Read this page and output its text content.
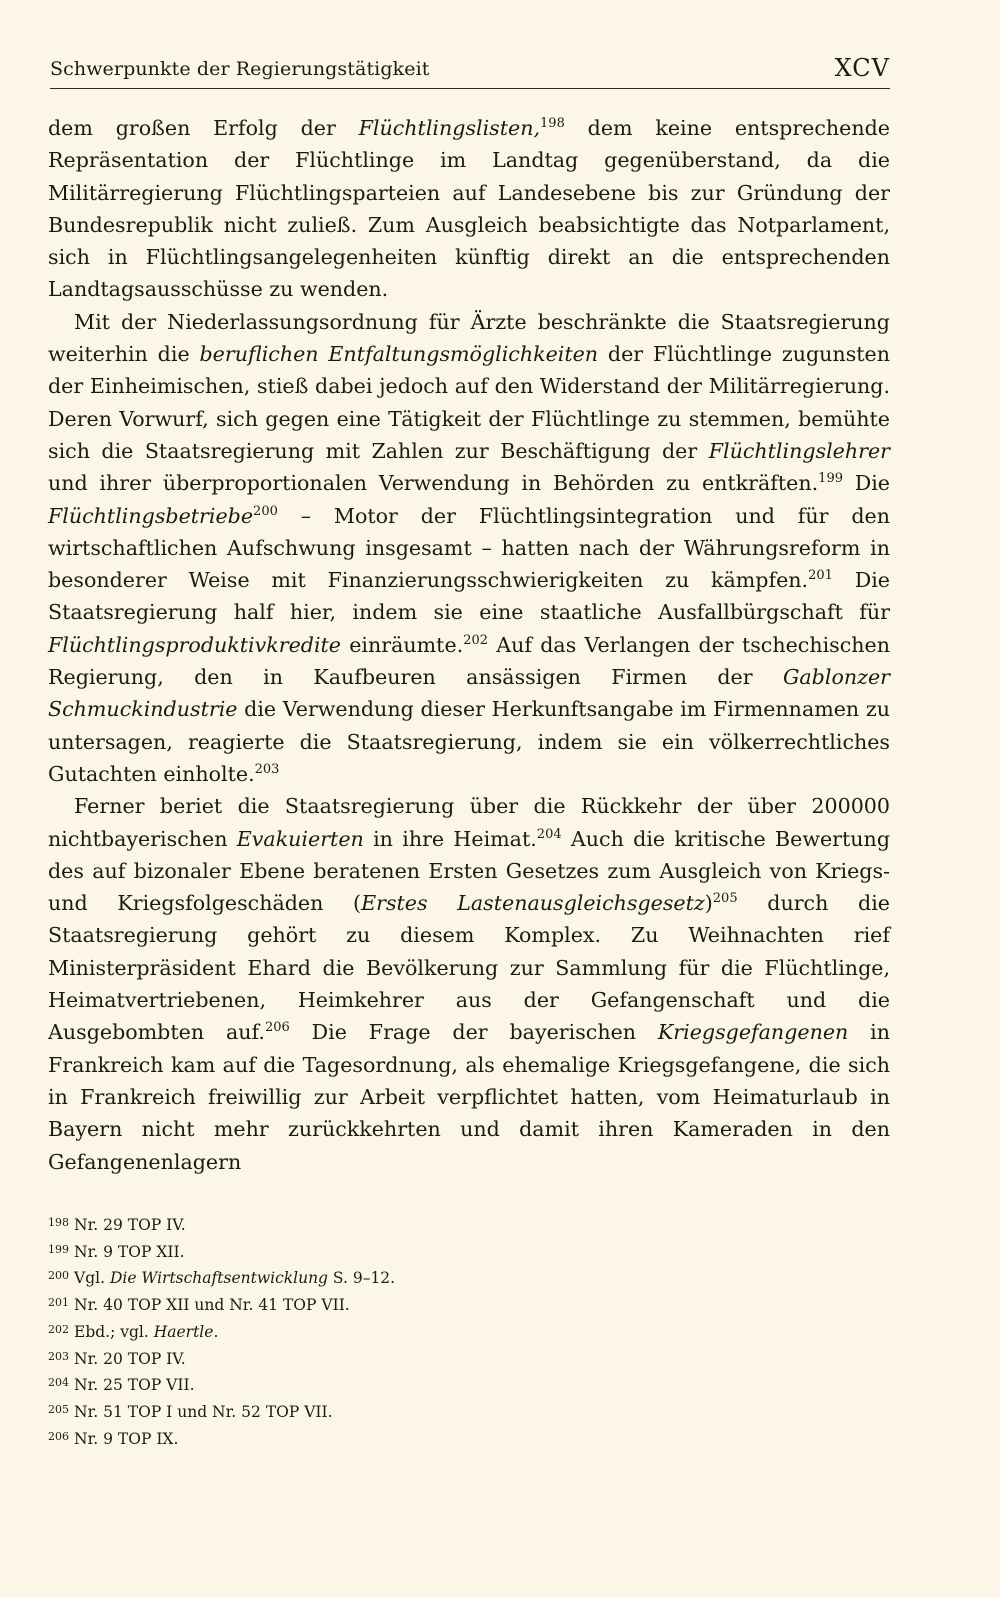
Schwerpunkte der Regierungstätigkeit	XCV

dem großen Erfolg der Flüchtlingslisten,$^{198}$ dem keine entsprechende Repräsentation der Flüchtlinge im Landtag gegenüberstand, da die Militärregierung Flüchtlingsparteien auf Landesebene bis zur Gründung der Bundesrepublik nicht zuließ. Zum Ausgleich beabsichtigte das Notparlament, sich in Flüchtlingsangelegenheiten künftig direkt an die entsprechenden Landtagsausschüsse zu wenden.

Mit der Niederlassungsordnung für Ärzte beschränkte die Staatsregierung weiterhin die beruflichen Entfaltungsmöglichkeiten der Flüchtlinge zugunsten der Einheimischen, stieß dabei jedoch auf den Widerstand der Militärregierung. Deren Vorwurf, sich gegen eine Tätigkeit der Flüchtlinge zu stemmen, bemühte sich die Staatsregierung mit Zahlen zur Beschäftigung der Flüchtlingslehrer und ihrer überproportionalen Verwendung in Behörden zu entkräften.$^{199}$ Die Flüchtlingsbetriebe$^{200}$ – Motor der Flüchtlingsintegration und für den wirtschaftlichen Aufschwung insgesamt – hatten nach der Währungsreform in besonderer Weise mit Finanzierungsschwierigkeiten zu kämpfen.$^{201}$ Die Staatsregierung half hier, indem sie eine staatliche Ausfallbürgschaft für Flüchtlingsproduktivkredite einräumte.$^{202}$ Auf das Verlangen der tschechischen Regierung, den in Kaufbeuren ansässigen Firmen der Gablonzer Schmuckindustrie die Verwendung dieser Herkunftsangabe im Firmennamen zu untersagen, reagierte die Staatsregierung, indem sie ein völkerrechtliches Gutachten einholte.$^{203}$

Ferner beriet die Staatsregierung über die Rückkehr der über 200000 nichtbayerischen Evakuierten in ihre Heimat.$^{204}$ Auch die kritische Bewertung des auf bizonaler Ebene beratenen Ersten Gesetzes zum Ausgleich von Kriegs- und Kriegsfolgeschäden (Erstes Lastenausgleichsgesetz)$^{205}$ durch die Staatsregierung gehört zu diesem Komplex. Zu Weihnachten rief Ministerpräsident Ehard die Bevölkerung zur Sammlung für die Flüchtlinge, Heimatvertriebenen, Heimkehrer aus der Gefangenschaft und die Ausgebombten auf.$^{206}$ Die Frage der bayerischen Kriegsgefangenen in Frankreich kam auf die Tagesordnung, als ehemalige Kriegsgefangene, die sich in Frankreich freiwillig zur Arbeit verpflichtet hatten, vom Heimaturlaub in Bayern nicht mehr zurückkehrten und damit ihren Kameraden in den Gefangenenlagern

$^{198}$ Nr. 29 TOP IV.
$^{199}$ Nr. 9 TOP XII.
$^{200}$ Vgl. Die Wirtschaftsentwicklung S. 9–12.
$^{201}$ Nr. 40 TOP XII und Nr. 41 TOP VII.
$^{202}$ Ebd.; vgl. Haertle.
$^{203}$ Nr. 20 TOP IV.
$^{204}$ Nr. 25 TOP VII.
$^{205}$ Nr. 51 TOP I und Nr. 52 TOP VII.
$^{206}$ Nr. 9 TOP IX.
